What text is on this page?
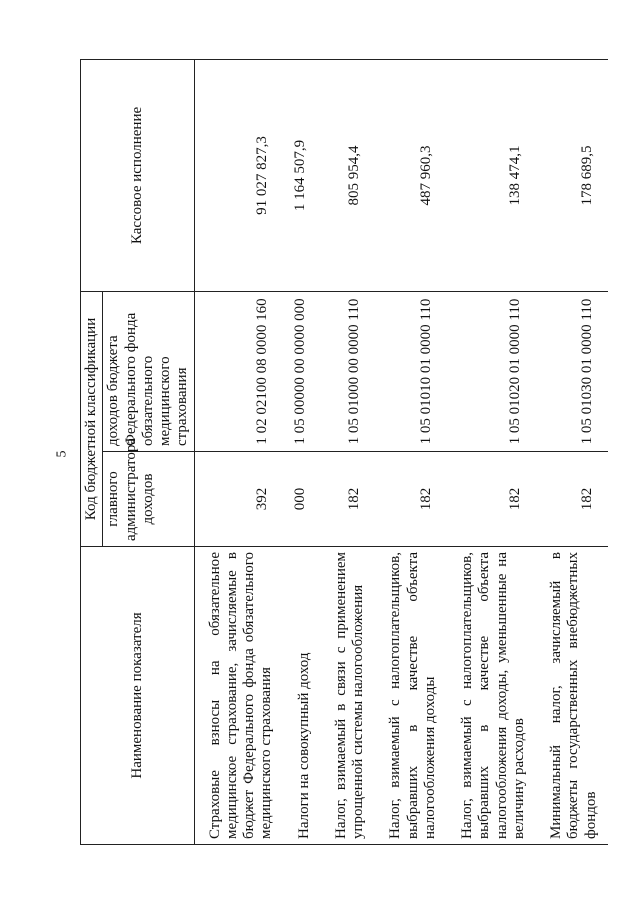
5
Наименование показателя	Код бюджетной классификации		Кассовое исполнение
	главного администратора доходов	доходов бюджета Федерального фонда обязательного медицинского страхования	
Страховые взносы на обязательное медицинское страхование, зачисляемые в бюджет Федерального фонда обязательного медицинского страхования	392	1 02 02100 08 0000 160	91 027 827,3
Налоги на совокупный доход	000	1 05 00000 00 0000 000	1 164 507,9
Налог, взимаемый в связи с применением упрощенной системы налогообложения	182	1 05 01000 00 0000 110	805 954,4
Налог, взимаемый с налогоплательщиков, выбравших в качестве объекта налогообложения доходы	182	1 05 01010 01 0000 110	487 960,3
Налог, взимаемый с налогоплательщиков, выбравших в качестве объекта налогообложения доходы, уменьшенные на величину расходов	182	1 05 01020 01 0000 110	138 474,1
Минимальный налог, зачисляемый в бюджеты государственных внебюджетных фондов	182	1 05 01030 01 0000 110	178 689,5
